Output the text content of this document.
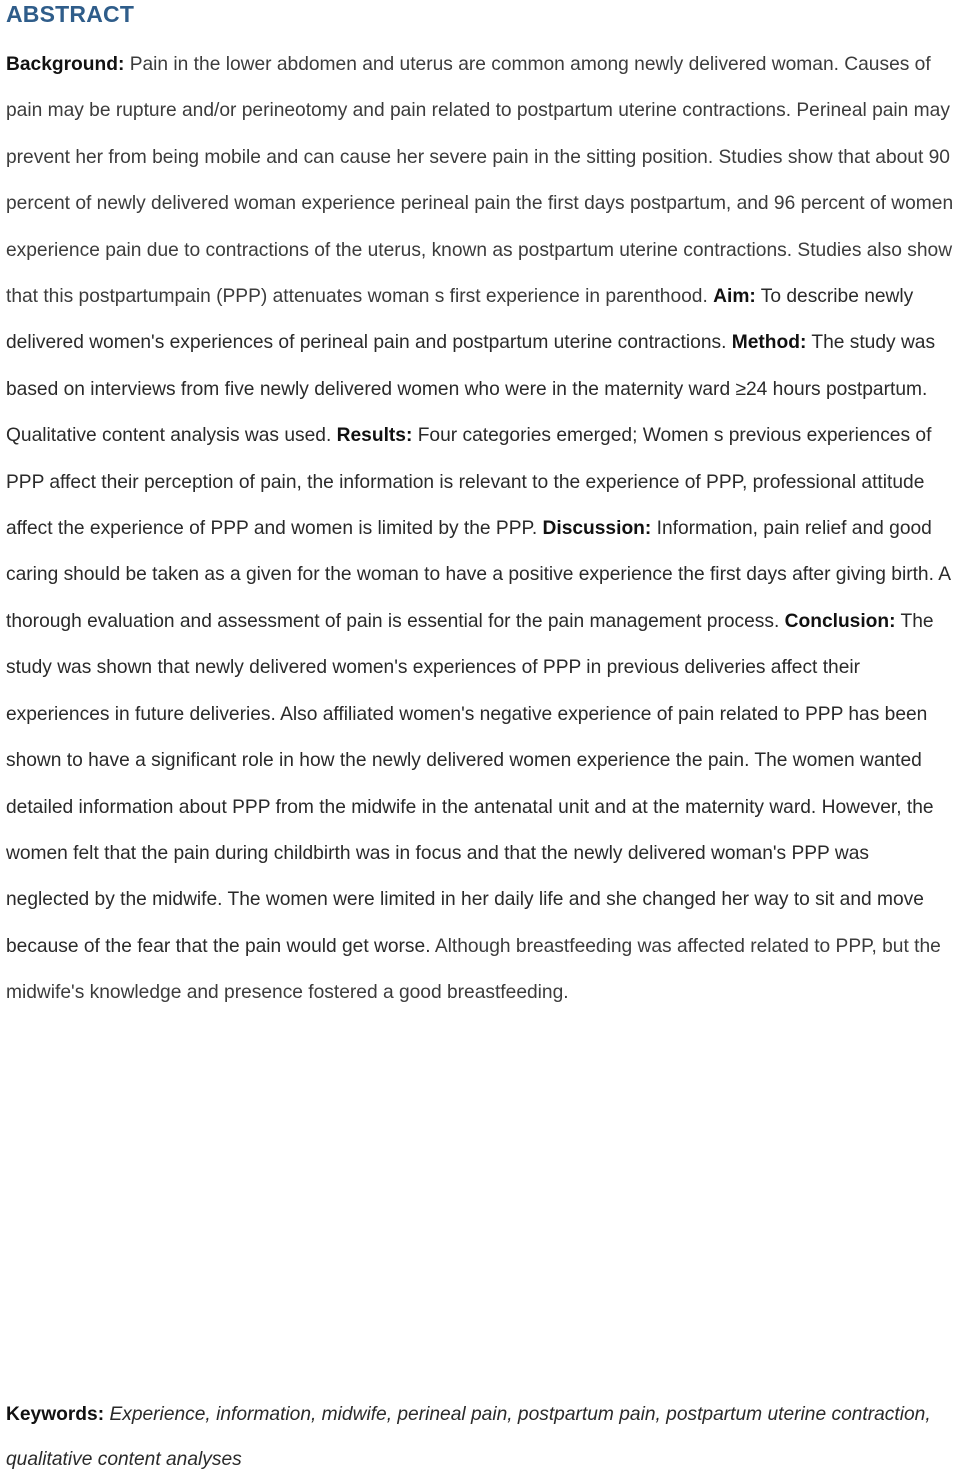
ABSTRACT

Background: Pain in the lower abdomen and uterus are common among newly delivered woman. Causes of pain may be rupture and/or perineotomy and pain related to postpartum uterine contractions. Perineal pain may prevent her from being mobile and can cause her severe pain in the sitting position. Studies show that about 90 percent of newly delivered woman experience perineal pain the first days postpartum, and 96 percent of women experience pain due to contractions of the uterus, known as postpartum uterine contractions. Studies also show that this postpartumpain (PPP) attenuates woman s first experience in parenthood. Aim: To describe newly delivered women's experiences of perineal pain and postpartum uterine contractions. Method: The study was based on interviews from five newly delivered women who were in the maternity ward ≥24 hours postpartum. Qualitative content analysis was used. Results: Four categories emerged; Women s previous experiences of PPP affect their perception of pain, the information is relevant to the experience of PPP, professional attitude affect the experience of PPP and women is limited by the PPP. Discussion: Information, pain relief and good caring should be taken as a given for the woman to have a positive experience the first days after giving birth. A thorough evaluation and assessment of pain is essential for the pain management process. Conclusion: The study was shown that newly delivered women's experiences of PPP in previous deliveries affect their experiences in future deliveries. Also affiliated women's negative experience of pain related to PPP has been shown to have a significant role in how the newly delivered women experience the pain. The women wanted detailed information about PPP from the midwife in the antenatal unit and at the maternity ward. However, the women felt that the pain during childbirth was in focus and that the newly delivered woman's PPP was neglected by the midwife. The women were limited in her daily life and she changed her way to sit and move because of the fear that the pain would get worse. Although breastfeeding was affected related to PPP, but the midwife's knowledge and presence fostered a good breastfeeding.

Keywords: Experience, information, midwife, perineal pain, postpartum pain, postpartum uterine contraction, qualitative content analyses
